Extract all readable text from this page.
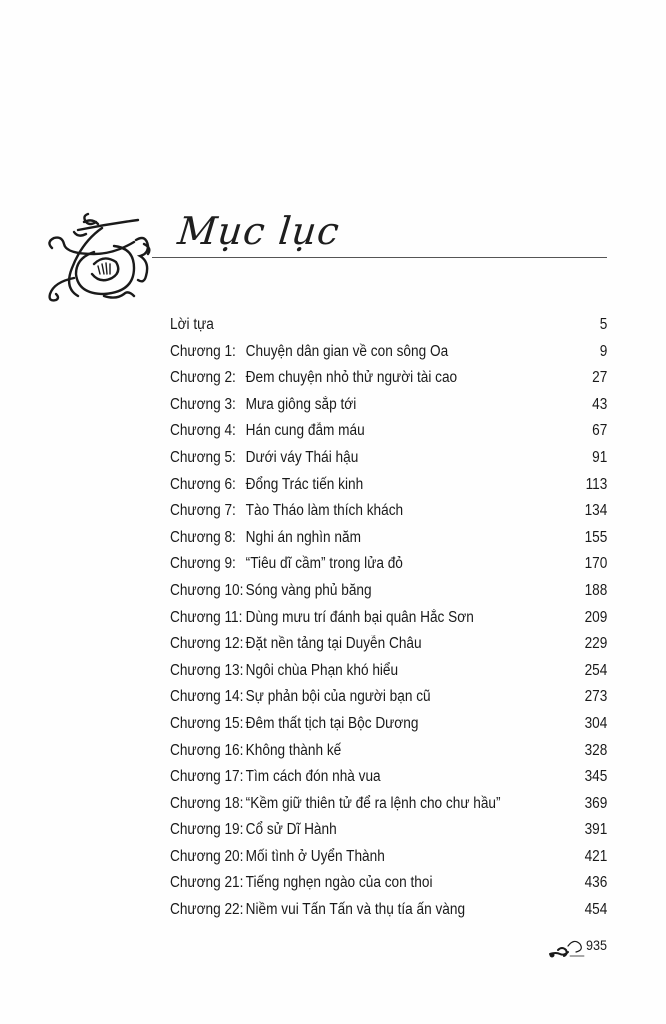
Mục lục
Lời tựa	5
Chương 1: Chuyện dân gian về con sông Oa	9
Chương 2: Đem chuyện nhỏ thử người tài cao	27
Chương 3: Mưa giông sắp tới	43
Chương 4: Hán cung đẫm máu	67
Chương 5: Dưới váy Thái hậu	91
Chương 6: Đổng Trác tiến kinh	113
Chương 7: Tào Tháo làm thích khách	134
Chương 8: Nghi án nghìn năm	155
Chương 9: “Tiêu dĩ cầm” trong lửa đỏ	170
Chương 10: Sóng vàng phủ băng	188
Chương 11: Dùng mưu trí đánh bại quân Hắc Sơn	209
Chương 12: Đặt nền tảng tại Duyễn Châu	229
Chương 13: Ngôi chùa Phạn khó hiểu	254
Chương 14: Sự phản bội của người bạn cũ	273
Chương 15: Đêm thất tịch tại Bộc Dương	304
Chương 16: Không thành kế	328
Chương 17: Tìm cách đón nhà vua	345
Chương 18: “Kềm giữ thiên tử để ra lệnh cho chư hầu”	369
Chương 19: Cổ sử Dĩ Hành	391
Chương 20: Mối tình ở Uyển Thành	421
Chương 21: Tiếng nghẹn ngào của con thoi	436
Chương 22: Niềm vui Tấn Tấn và thụ tía ấn vàng	454
935
